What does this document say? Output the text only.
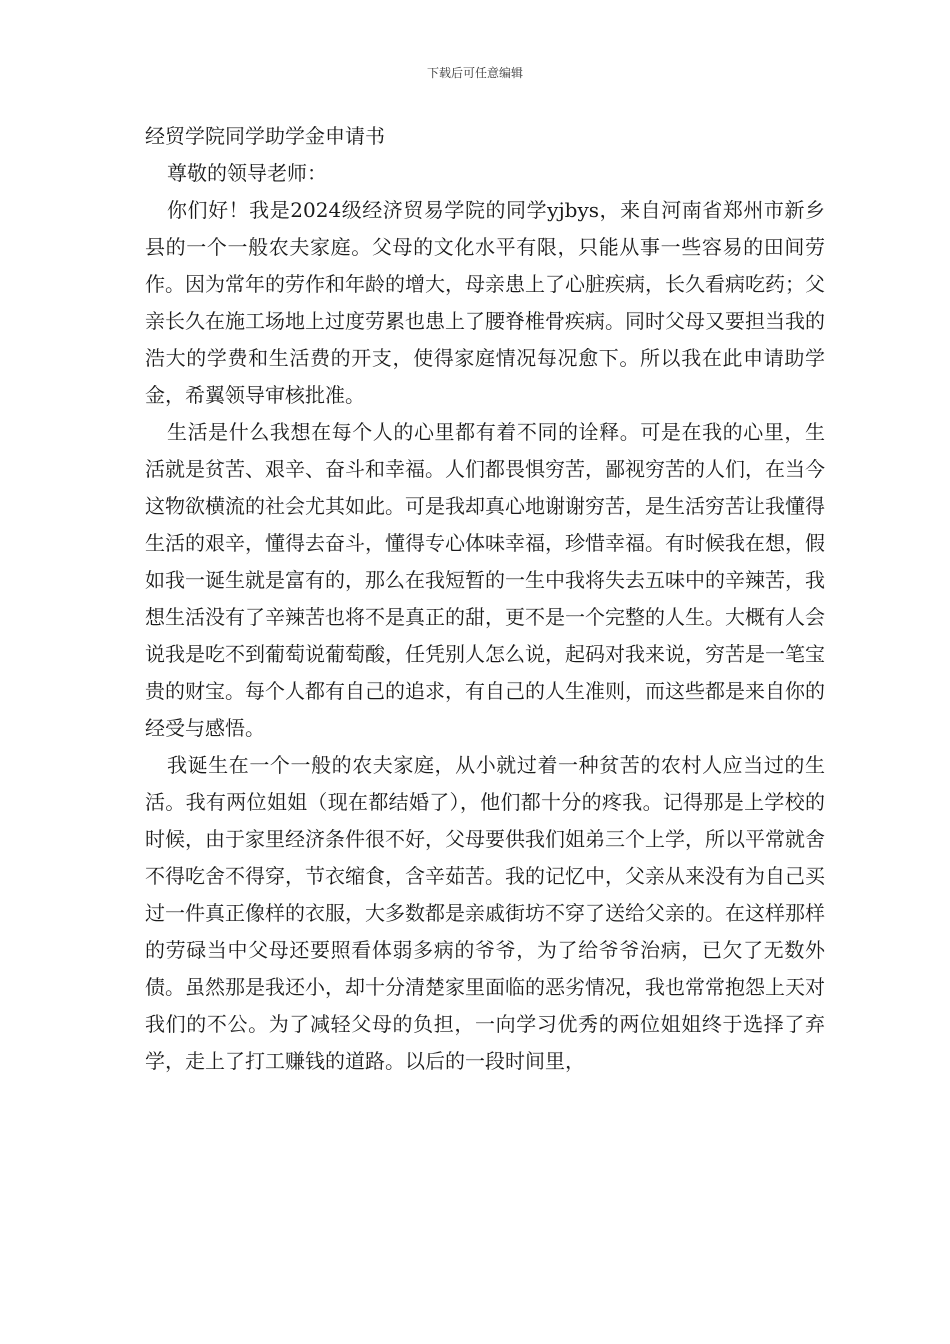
下载后可任意编辑

经贸学院同学助学金申请书

尊敬的领导老师：

你们好！我是2024级经济贸易学院的同学yjbys，来自河南省郑州市新乡县的一个一般农夫家庭。父母的文化水平有限，只能从事一些容易的田间劳作。因为常年的劳作和年龄的增大，母亲患上了心脏疾病，长久看病吃药；父亲长久在施工场地上过度劳累也患上了腰脊椎骨疾病。同时父母又要担当我的浩大的学费和生活费的开支，使得家庭情况每况愈下。所以我在此申请助学金，希翼领导审核批准。

生活是什么我想在每个人的心里都有着不同的诠释。可是在我的心里，生活就是贫苦、艰辛、奋斗和幸福。人们都畏惧穷苦，鄙视穷苦的人们，在当今这物欲横流的社会尤其如此。可是我却真心地谢谢穷苦，是生活穷苦让我懂得生活的艰辛，懂得去奋斗，懂得专心体味幸福，珍惜幸福。有时候我在想，假如我一诞生就是富有的，那么在我短暂的一生中我将失去五味中的辛辣苦，我想生活没有了辛辣苦也将不是真正的甜，更不是一个完整的人生。大概有人会说我是吃不到葡萄说葡萄酸，任凭别人怎么说，起码对我来说，穷苦是一笔宝贵的财宝。每个人都有自己的追求，有自己的人生准则，而这些都是来自你的经受与感悟。

我诞生在一个一般的农夫家庭，从小就过着一种贫苦的农村人应当过的生活。我有两位姐姐（现在都结婚了），他们都十分的疼我。记得那是上学校的时候，由于家里经济条件很不好，父母要供我们姐弟三个上学，所以平常就舍不得吃舍不得穿，节衣缩食，含辛茹苦。我的记忆中，父亲从来没有为自己买过一件真正像样的衣服，大多数都是亲戚街坊不穿了送给父亲的。在这样那样的劳碌当中父母还要照看体弱多病的爷爷，为了给爷爷治病，已欠了无数外债。虽然那是我还小，却十分清楚家里面临的恶劣情况，我也常常抱怨上天对我们的不公。为了减轻父母的负担，一向学习优秀的两位姐姐终于选择了弃学，走上了打工赚钱的道路。以后的一段时间里，
